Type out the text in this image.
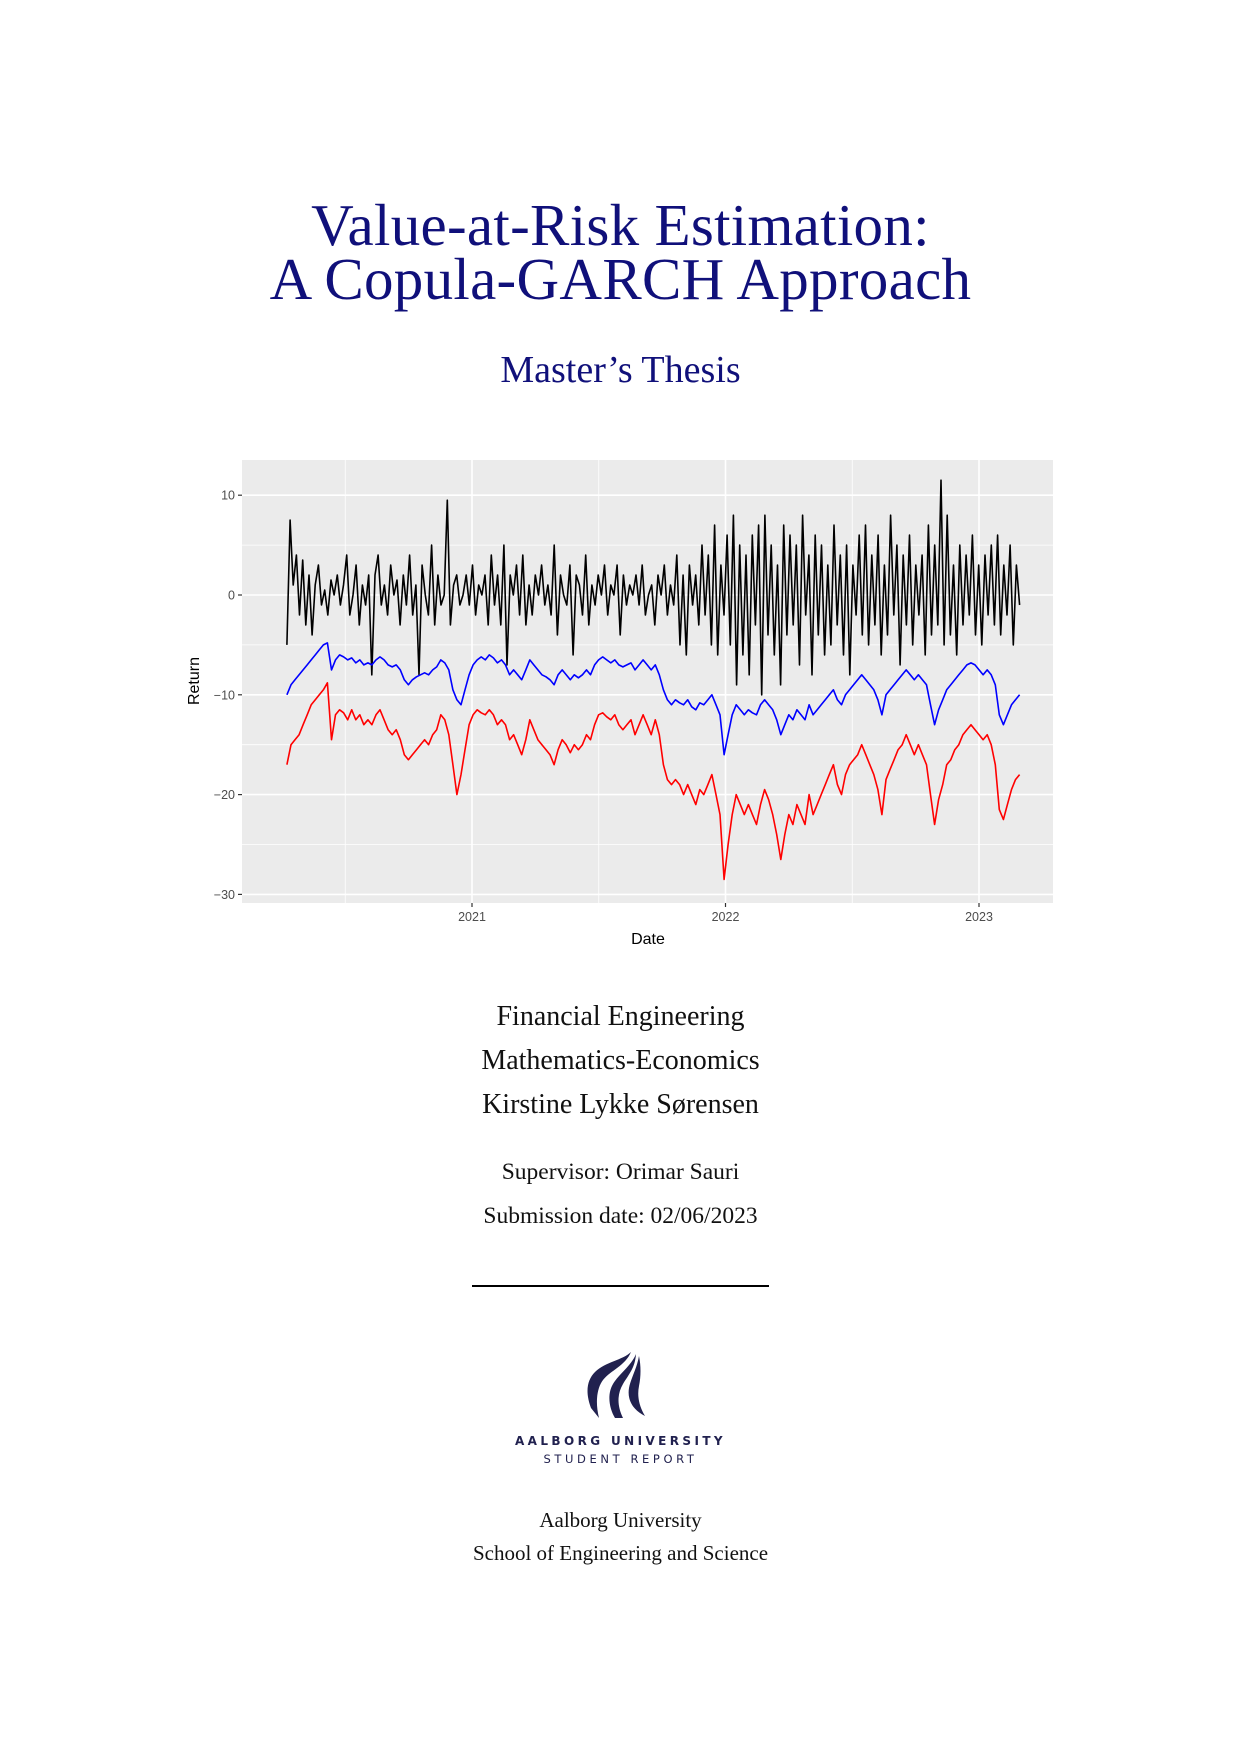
Value-at-Risk Estimation:
A Copula-GARCH Approach
Master’s Thesis
10
0
−10
−20
−30
2021	2022	2023
Return
Date
Financial Engineering
Mathematics-Economics
Kirstine Lykke Sørensen
Supervisor: Orimar Sauri
Submission date: 02/06/2023
AALBORG UNIVERSITY
STUDENT REPORT
Aalborg University
School of Engineering and Science
